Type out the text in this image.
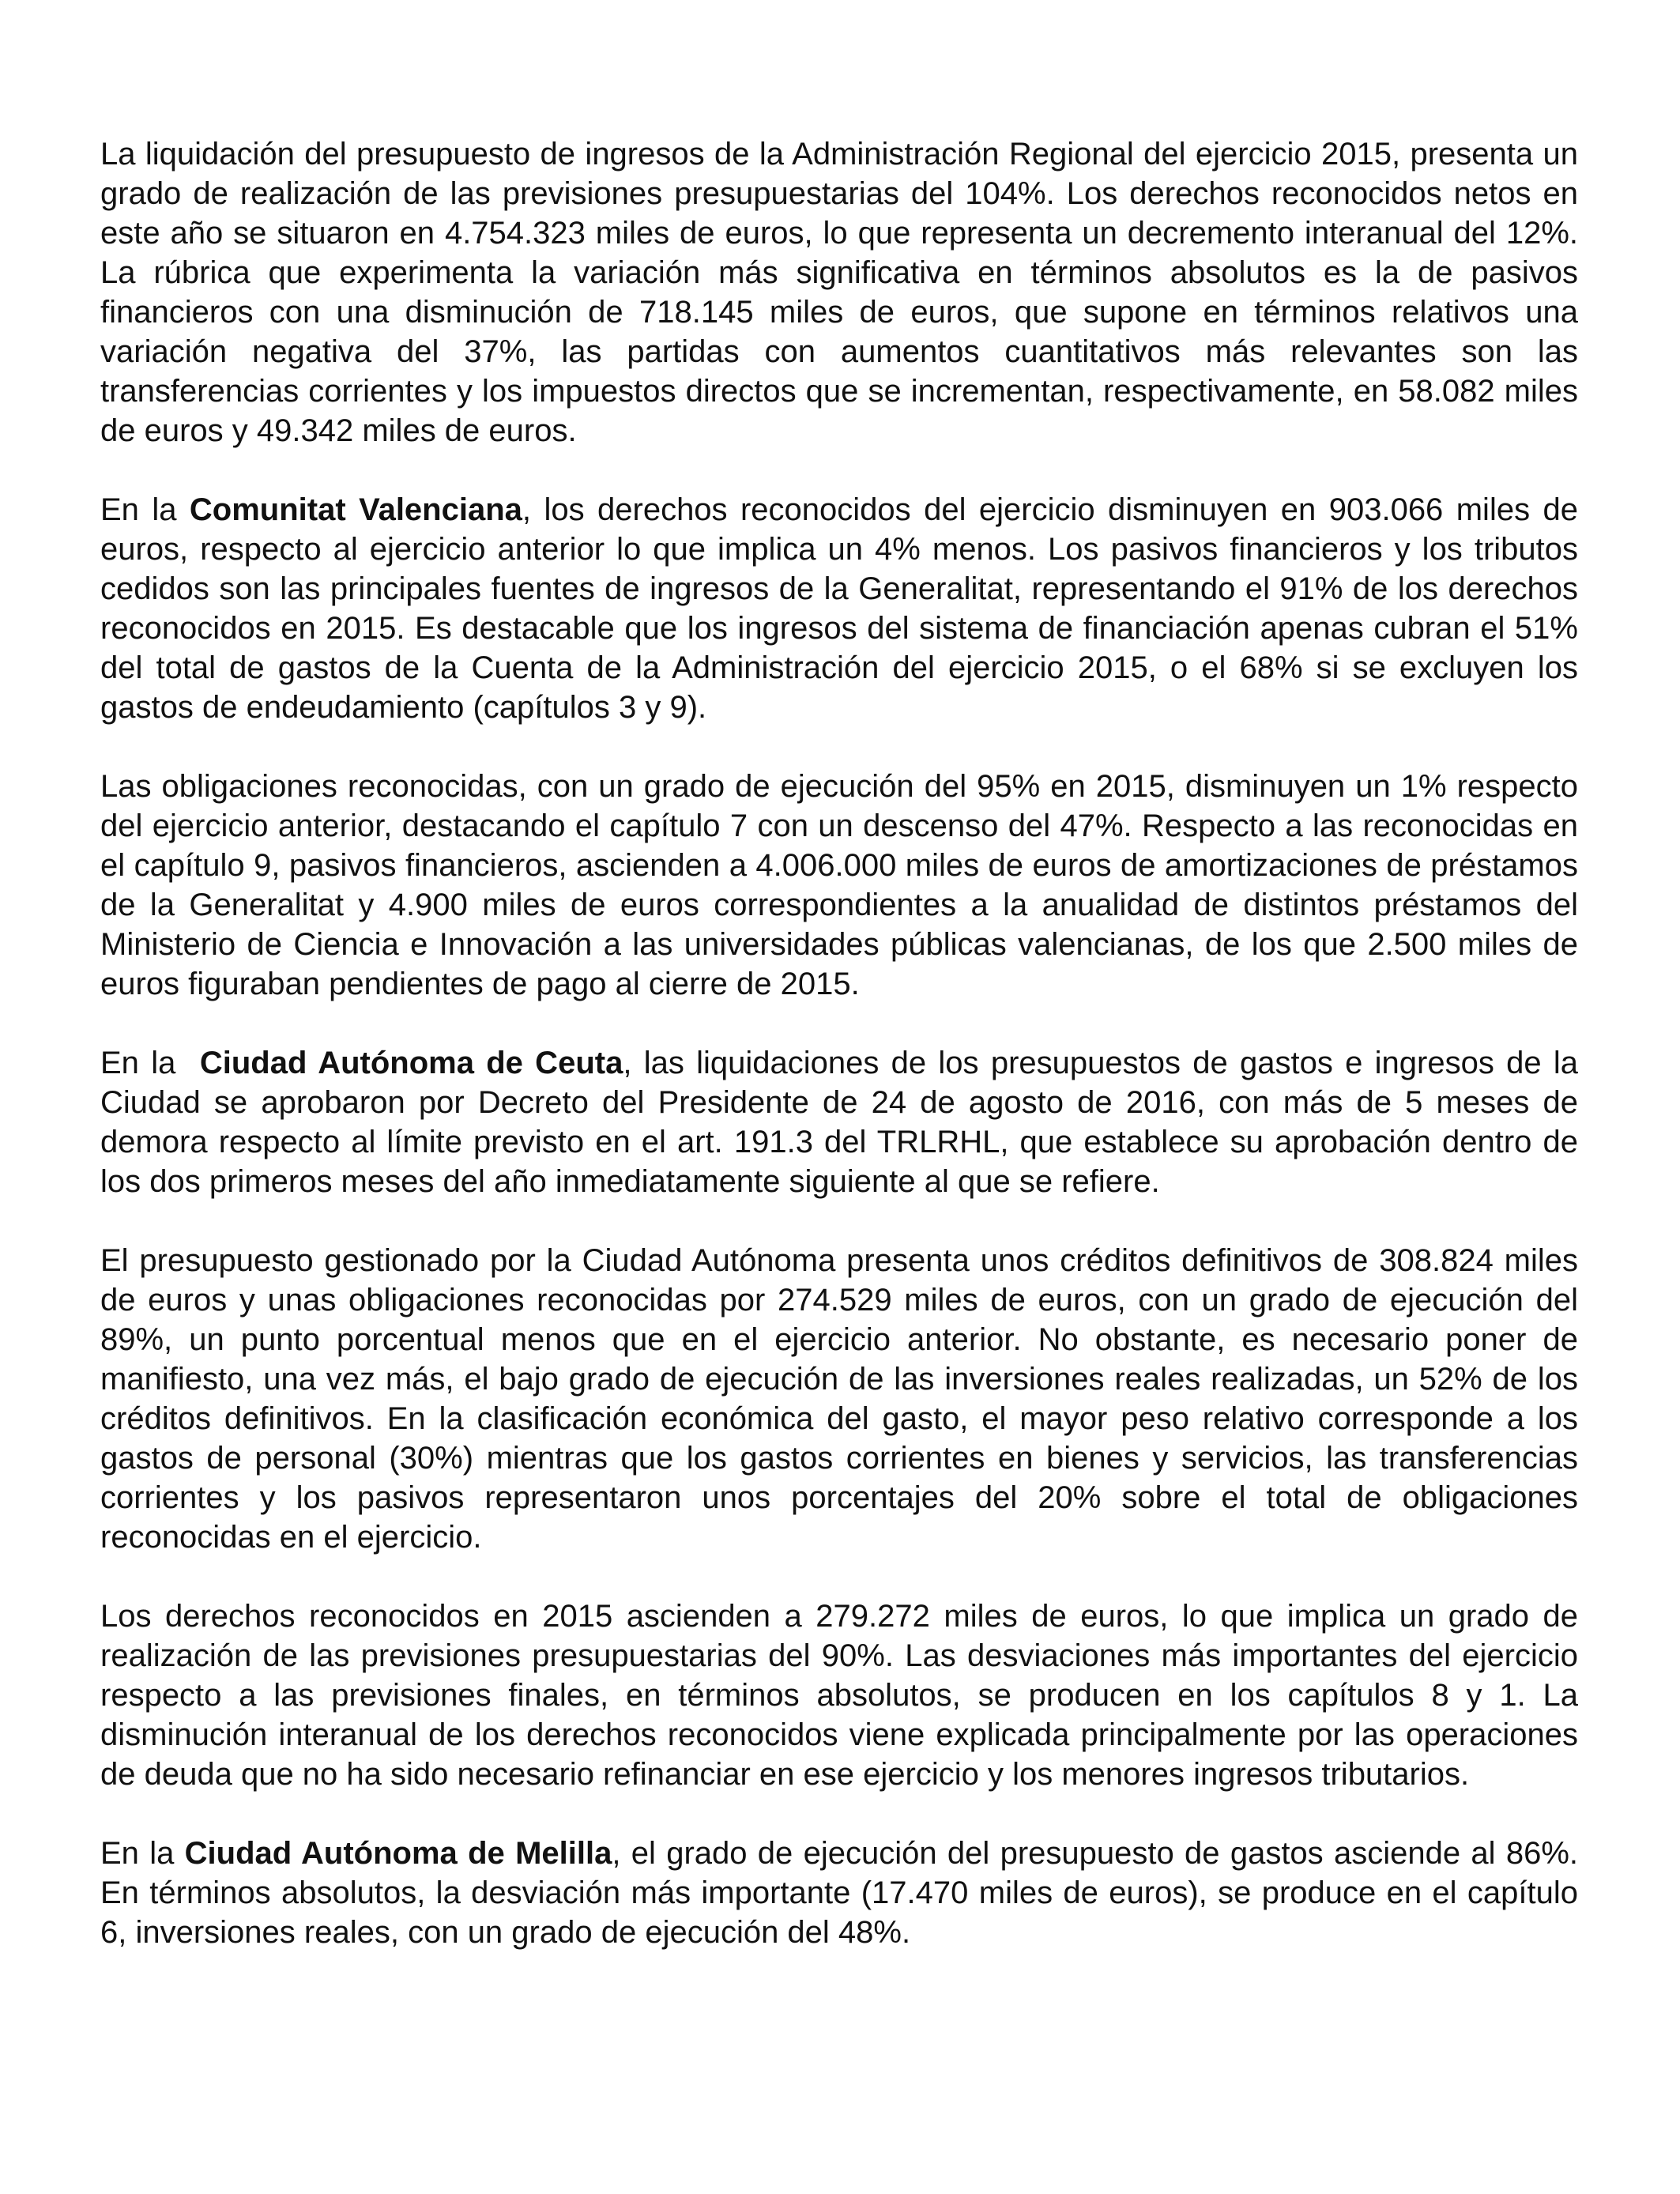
La liquidación del presupuesto de ingresos de la Administración Regional del ejercicio 2015, presenta un grado de realización de las previsiones presupuestarias del 104%. Los derechos reconocidos netos en este año se situaron en 4.754.323 miles de euros, lo que representa un decremento interanual del 12%. La rúbrica que experimenta la variación más significativa en términos absolutos es la de pasivos financieros con una disminución de 718.145 miles de euros, que supone en términos relativos una variación negativa del 37%, las partidas con aumentos cuantitativos más relevantes son las transferencias corrientes y los impuestos directos que se incrementan, respectivamente, en 58.082 miles de euros y 49.342 miles de euros.

En la Comunitat Valenciana, los derechos reconocidos del ejercicio disminuyen en 903.066 miles de euros, respecto al ejercicio anterior lo que implica un 4% menos. Los pasivos financieros y los tributos cedidos son las principales fuentes de ingresos de la Generalitat, representando el 91% de los derechos reconocidos en 2015. Es destacable que los ingresos del sistema de financiación apenas cubran el 51% del total de gastos de la Cuenta de la Administración del ejercicio 2015, o el 68% si se excluyen los gastos de endeudamiento (capítulos 3 y 9).

Las obligaciones reconocidas, con un grado de ejecución del 95% en 2015, disminuyen un 1% respecto del ejercicio anterior, destacando el capítulo 7 con un descenso del 47%. Respecto a las reconocidas en el capítulo 9, pasivos financieros, ascienden a 4.006.000 miles de euros de amortizaciones de préstamos de la Generalitat y 4.900 miles de euros correspondientes a la anualidad de distintos préstamos del Ministerio de Ciencia e Innovación a las universidades públicas valencianas, de los que 2.500 miles de euros figuraban pendientes de pago al cierre de 2015.

En la  Ciudad Autónoma de Ceuta, las liquidaciones de los presupuestos de gastos e ingresos de la Ciudad se aprobaron por Decreto del Presidente de 24 de agosto de 2016, con más de 5 meses de demora respecto al límite previsto en el art. 191.3 del TRLRHL, que establece su aprobación dentro de los dos primeros meses del año inmediatamente siguiente al que se refiere.

El presupuesto gestionado por la Ciudad Autónoma presenta unos créditos definitivos de 308.824 miles de euros y unas obligaciones reconocidas por 274.529 miles de euros, con un grado de ejecución del 89%, un punto porcentual menos que en el ejercicio anterior. No obstante, es necesario poner de manifiesto, una vez más, el bajo grado de ejecución de las inversiones reales realizadas, un 52% de los créditos definitivos. En la clasificación económica del gasto, el mayor peso relativo corresponde a los gastos de personal (30%) mientras que los gastos corrientes en bienes y servicios, las transferencias corrientes y los pasivos representaron unos porcentajes del 20% sobre el total de obligaciones reconocidas en el ejercicio.

Los derechos reconocidos en 2015 ascienden a 279.272 miles de euros, lo que implica un grado de realización de las previsiones presupuestarias del 90%. Las desviaciones más importantes del ejercicio respecto a las previsiones finales, en términos absolutos, se producen en los capítulos 8 y 1. La disminución interanual de los derechos reconocidos viene explicada principalmente por las operaciones de deuda que no ha sido necesario refinanciar en ese ejercicio y los menores ingresos tributarios.

En la Ciudad Autónoma de Melilla, el grado de ejecución del presupuesto de gastos asciende al 86%. En términos absolutos, la desviación más importante (17.470 miles de euros), se produce en el capítulo 6, inversiones reales, con un grado de ejecución del 48%.
